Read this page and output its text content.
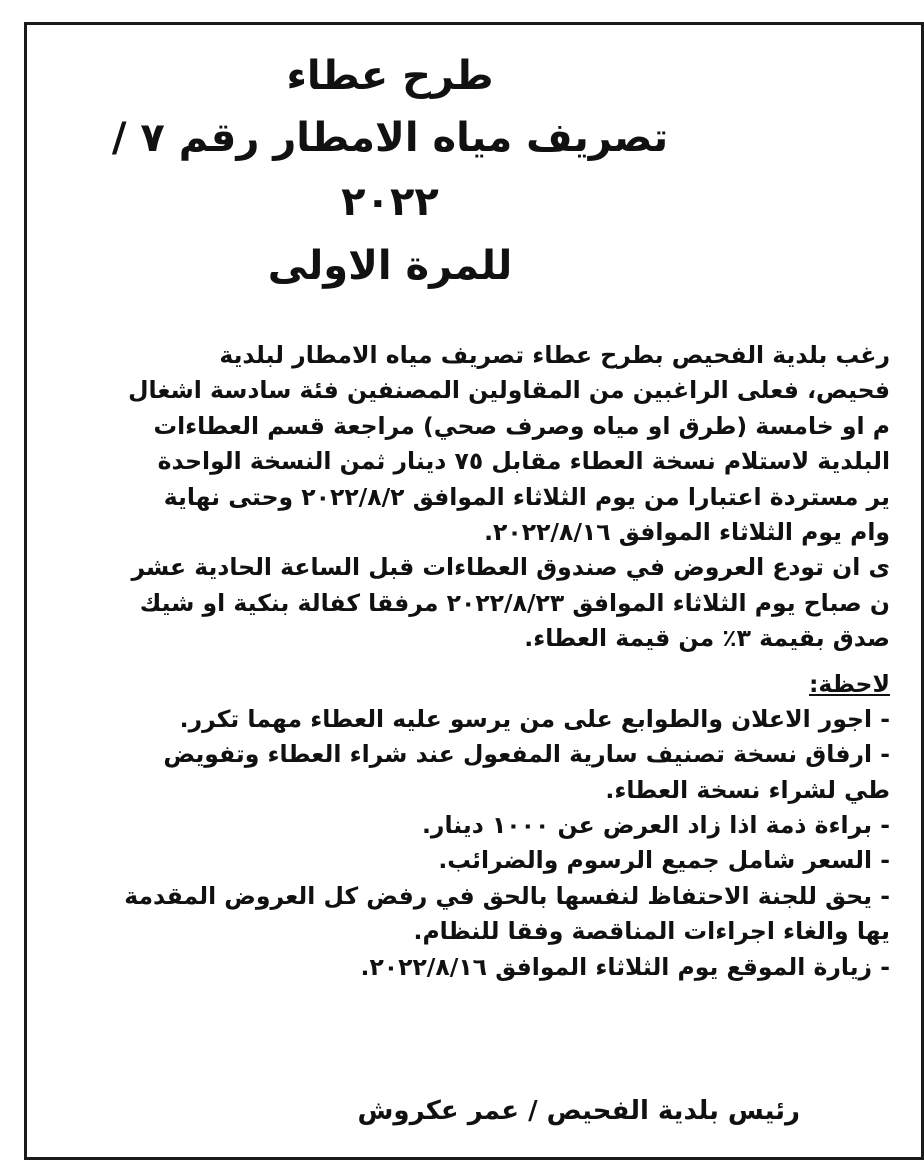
طرح عطاء
تصريف مياه الامطار رقم ٧ / ٢٠٢٢
للمرة الاولى
رغب بلدية الفحيص بطرح عطاء تصريف مياه الامطار لبلدية
فحيص، فعلى الراغبين من المقاولين المصنفين فئة سادسة اشغال
م او خامسة (طرق او مياه وصرف صحي) مراجعة قسم العطاءات
البلدية لاستلام نسخة العطاء مقابل ٧٥ دينار ثمن النسخة الواحدة
ير مستردة اعتبارا من يوم الثلاثاء الموافق ٢٠٢٢/٨/٢ وحتى نهاية
وام يوم الثلاثاء الموافق ٢٠٢٢/٨/١٦.
ى ان تودع العروض في صندوق العطاءات قبل الساعة الحادية عشر
ن صباح يوم الثلاثاء الموافق ٢٠٢٢/٨/٢٣ مرفقا كفالة بنكية او شيك
صدق بقيمة ٣٪ من قيمة العطاء.
لاحظة:
- اجور الاعلان والطوابع على من يرسو عليه العطاء مهما تكرر.
- ارفاق نسخة تصنيف سارية المفعول عند شراء العطاء وتفويض
طي لشراء نسخة العطاء.
- براءة ذمة اذا زاد العرض عن ١٠٠٠ دينار.
- السعر شامل جميع الرسوم والضرائب.
- يحق للجنة الاحتفاظ لنفسها بالحق في رفض كل العروض المقدمة
يها والغاء اجراءات المناقصة وفقا للنظام.
- زيارة الموقع يوم الثلاثاء الموافق ٢٠٢٢/٨/١٦.
رئيس بلدية الفحيص / عمر عكروش
